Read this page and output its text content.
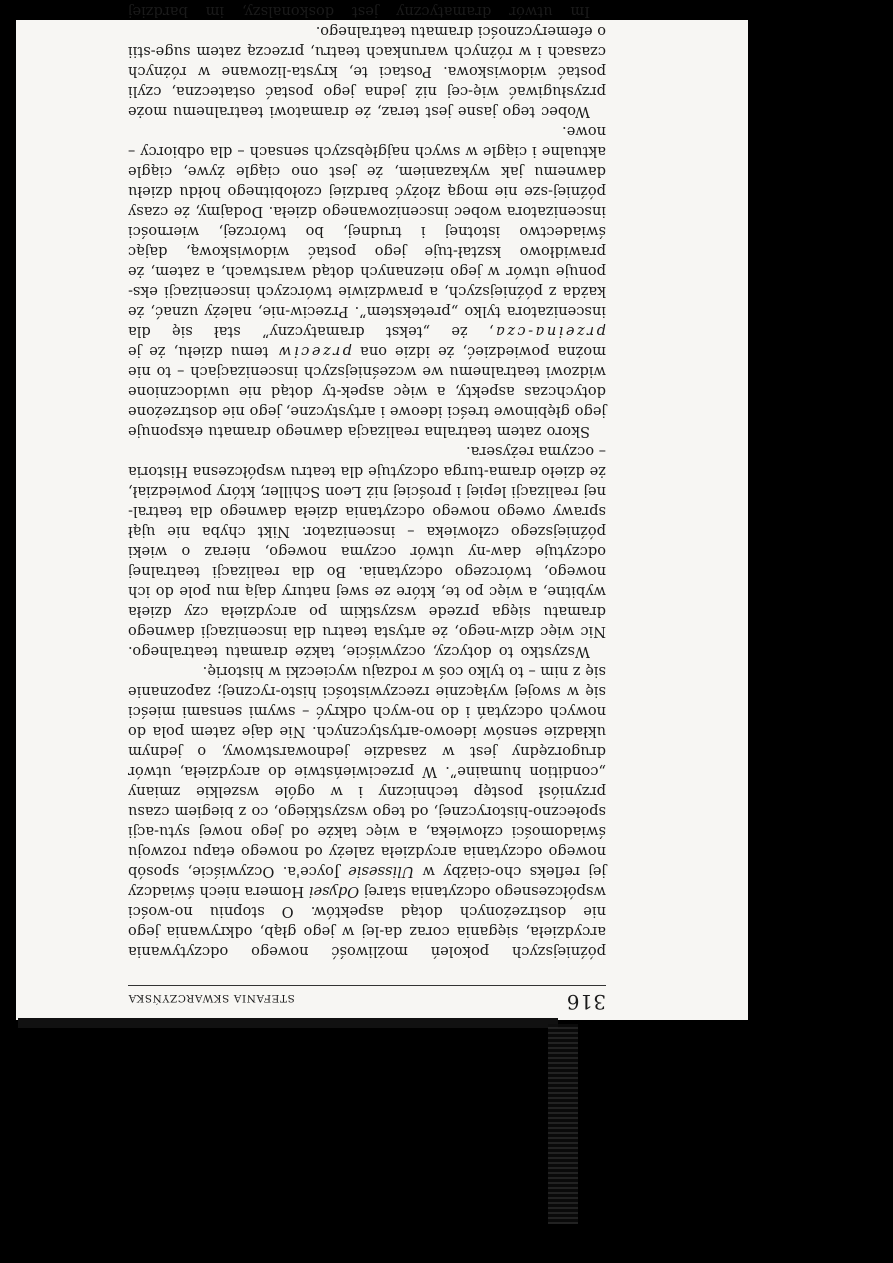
316
STEFANIA SKWARCZYŃSKA

późniejszych pokoleń możliwość nowego odczytywania arcydzieła, sięgania coraz da-lej w jego głąb, odkrywania jego nie dostrzeżonych dotąd aspektów. O stopniu no-wości współczesnego odczytania starej Odysei Homera niech świadczy jej refleks cho-ciażby w Ulissesie Joyce'a. Oczywiście, sposób nowego odczytania arcydzieła zależy od nowego etapu rozwoju świadomości człowieka, a więc także od jego nowej sytu-acji społeczno-historycznej, od tego wszystkiego, co z biegiem czasu przyniósł postęp techniczny i w ogóle wszelkie zmiany „condition humaine”. W przeciwieństwie do arcydzieła, utwór drugorzędny jest w zasadzie jednowarstwowy, o jednym układzie sensów ideowo-artystycznych. Nie daje zatem pola do nowych odczytań i do no-wych odkryć – swymi sensami mieści się w swojej wyłącznie rzeczywistości histo-rycznej; zapoznanie się z nim – to tylko coś w rodzaju wycieczki w historię.

Wszystko to dotyczy, oczywiście, także dramatu teatralnego. Nic więc dziw-nego, że artysta teatru dla inscenizacji dawnego dramatu sięga przede wszystkim po arcydzieła czy dzieła wybitne, a więc po te, które ze swej natury dają mu pole do ich nowego, twórczego odczytania. Bo dla realizacji teatralnej odczytuje daw-ny utwór oczyma nowego, nieraz o wieki późniejszego człowieka – inscenizator. Nikt chyba nie ujął sprawy owego nowego odczytania dzieła dawnego dla teatral-nej realizacji lepiej i prościej niż Leon Schiller, który powiedział, że dzieło drama-turga odczytuje dla teatru współczesna Historia – oczyma reżysera.

Skoro zatem teatralna realizacja dawnego dramatu eksponuje jego głębinowe treści ideowe i artystyczne, jego nie dostrzeżone dotychczas aspekty, a więc aspek-ty dotąd nie uwidocznione widzowi teatralnemu we wcześniejszych inscenizacjach – to nie można powiedzieć, że idzie ona przeciw temu dziełu, że je przeina-cza, że „tekst dramatyczny” stał się dla inscenizatora tylko „pretekstem”. Przeciw-nie, należy uznać, że każda z późniejszych, a prawdziwie twórczych inscenizacji eks-ponuje utwór w jego nieznanych dotąd warstwach, a zatem, że prawidłowo kształ-tuje jego postać widowiskową, dając świadectwo istotnej i trudnej, bo twórczej, wierności inscenizatora wobec inscenizowanego dzieła. Dodajmy, że czasy później-sze nie mogą złożyć bardziej czołobitnego hołdu dziełu dawnemu jak wykazaniem, że jest ono ciągle żywe, ciągle aktualne i ciągle w swych najgłębszych sensach – dla odbiorcy – nowe.

Wobec tego jasne jest teraz, że dramatowi teatralnemu może przysługiwać wię-cej niż jedna jego postać ostateczna, czyli postać widowiskowa. Postaci te, krysta-lizowane w różnych czasach i w różnych warunkach teatru, przeczą zatem suge-stii o efemeryczności dramatu teatralnego.

Im utwór dramatyczny jest doskonalszy, im bardziej
